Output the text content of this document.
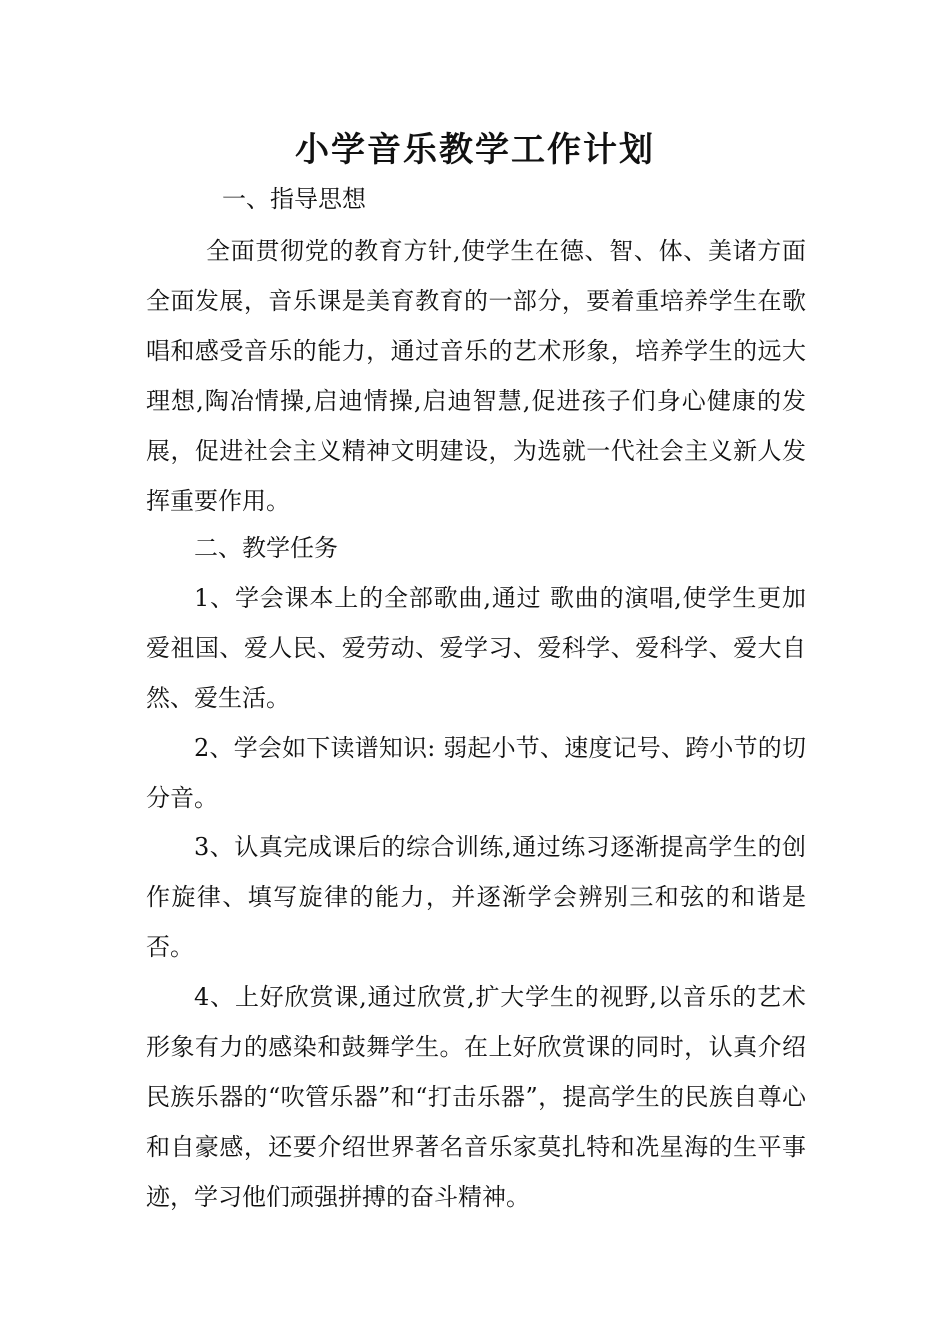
小学音乐教学工作计划

一、指导思想

全面贯彻党的教育方针,使学生在德、智、体、美诸方面全面发展，音乐课是美育教育的一部分，要着重培养学生在歌唱和感受音乐的能力，通过音乐的艺术形象，培养学生的远大理想,陶冶情操,启迪情操,启迪智慧,促进孩子们身心健康的发展，促进社会主义精神文明建设，为选就一代社会主义新人发挥重要作用。

二、教学任务

1、学会课本上的全部歌曲,通过 歌曲的演唱,使学生更加爱祖国、爱人民、爱劳动、爱学习、爱科学、爱科学、爱大自然、爱生活。

2、学会如下读谱知识: 弱起小节、速度记号、跨小节的切分音。

3、认真完成课后的综合训练,通过练习逐渐提高学生的创作旋律、填写旋律的能力，并逐渐学会辨别三和弦的和谐是否。

4、上好欣赏课,通过欣赏,扩大学生的视野,以音乐的艺术形象有力的感染和鼓舞学生。在上好欣赏课的同时，认真介绍民族乐器的“吹管乐器”和“打击乐器”，提高学生的民族自尊心和自豪感，还要介绍世界著名音乐家莫扎特和冼星海的生平事迹，学习他们顽强拼搏的奋斗精神。
